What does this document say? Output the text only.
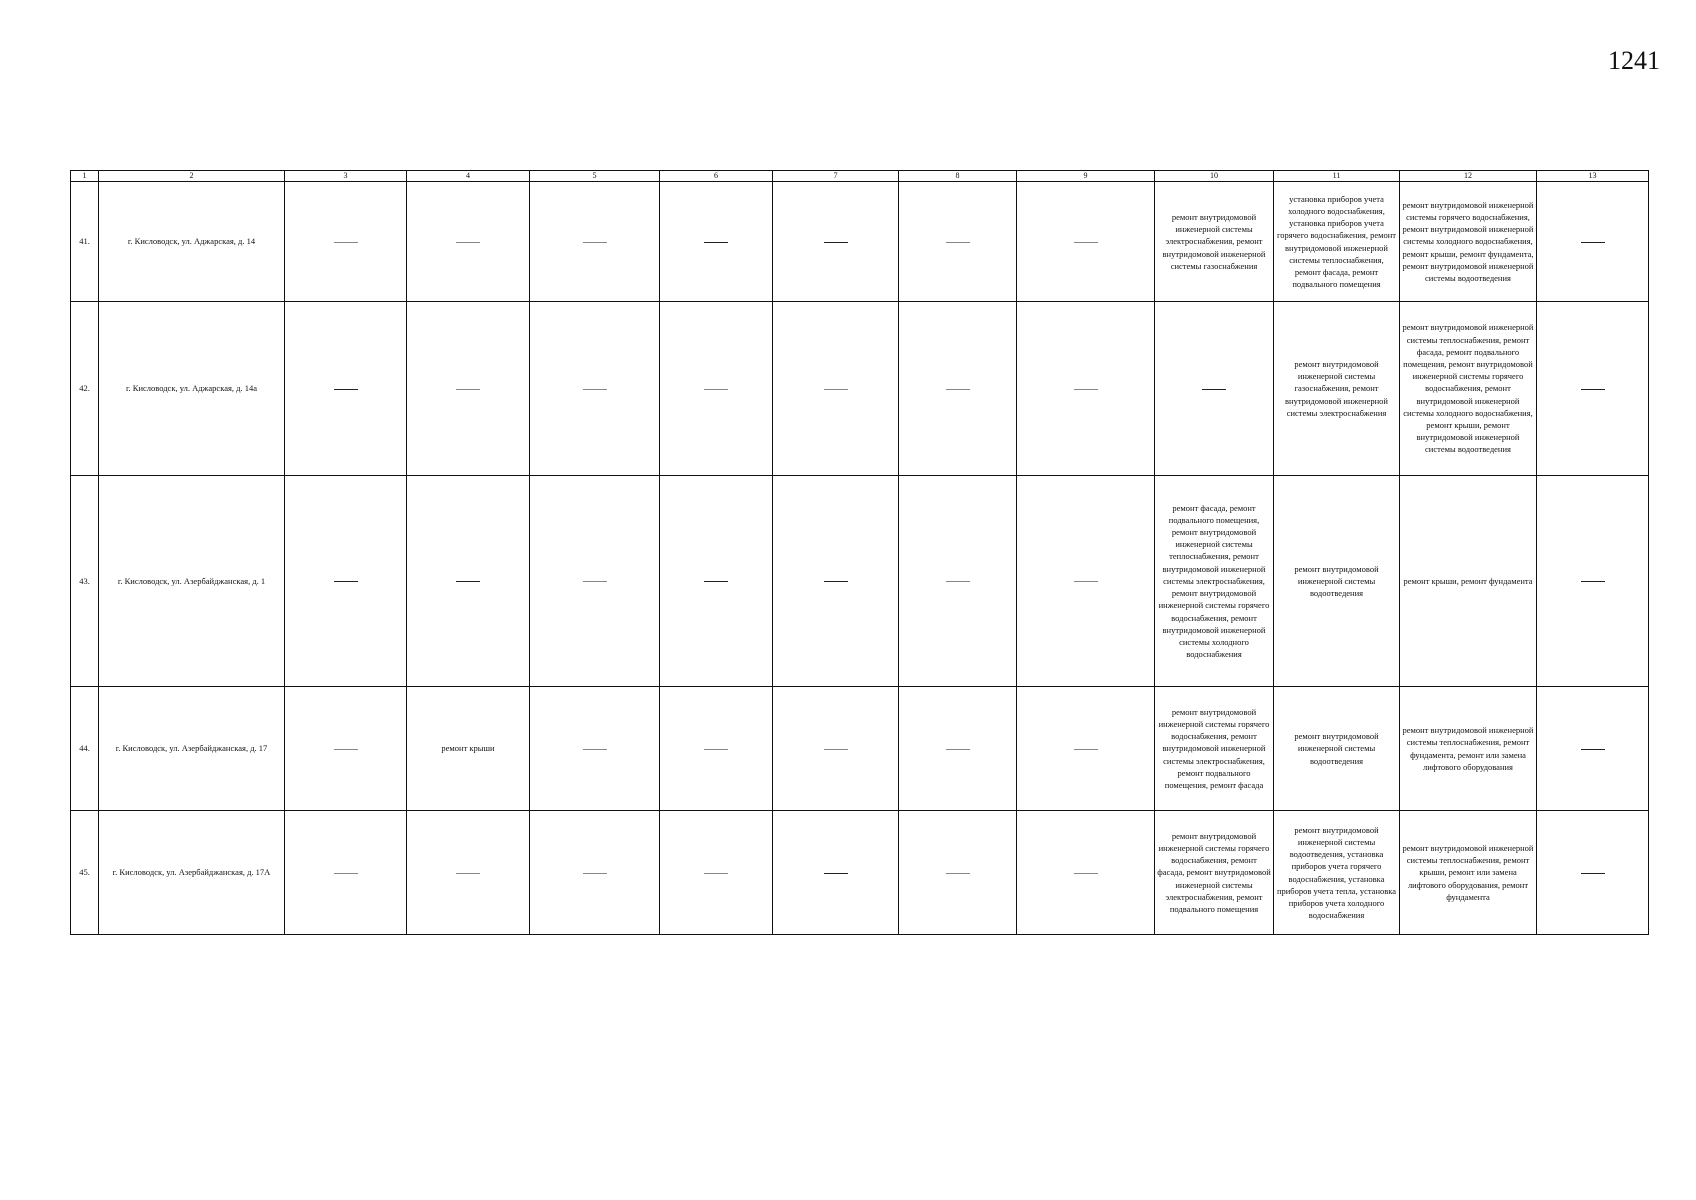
1241
1	2	3	4	5	6	7	8	9	10	11	12	13
41.	г. Кисловодск, ул. Аджарская, д. 14								ремонт внутридомовой инженерной системы электроснабжения, ремонт внутридомовой инженерной системы газоснабжения	установка приборов учета холодного водоснабжения, установка приборов учета горячего водоснабжения, ремонт внутридомовой инженерной системы теплоснабжения, ремонт фасада, ремонт подвального помещения	ремонт внутридомовой инженерной системы горячего водоснабжения, ремонт внутридомовой инженерной системы холодного водоснабжения, ремонт крыши, ремонт фундамента, ремонт внутридомовой инженерной системы водоотведения	
42.	г. Кисловодск, ул. Аджарская, д. 14а									ремонт внутридомовой инженерной системы газоснабжения, ремонт внутридомовой инженерной системы электроснабжения	ремонт внутридомовой инженерной системы теплоснабжения, ремонт фасада, ремонт подвального помещения, ремонт внутридомовой инженерной системы горячего водоснабжения, ремонт внутридомовой инженерной системы холодного водоснабжения, ремонт крыши, ремонт внутридомовой инженерной системы водоотведения	
43.	г. Кисловодск, ул. Азербайджанская, д. 1								ремонт фасада, ремонт подвального помещения, ремонт внутридомовой инженерной системы теплоснабжения, ремонт внутридомовой инженерной системы электроснабжения, ремонт внутридомовой инженерной системы горячего водоснабжения, ремонт внутридомовой инженерной системы холодного водоснабжения	ремонт внутридомовой инженерной системы водоотведения	ремонт крыши, ремонт фундамента	
44.	г. Кисловодск, ул. Азербайджанская, д. 17		ремонт крыши						ремонт внутридомовой инженерной системы горячего водоснабжения, ремонт внутридомовой инженерной системы электроснабжения, ремонт подвального помещения, ремонт фасада	ремонт внутридомовой инженерной системы водоотведения	ремонт внутридомовой инженерной системы теплоснабжения, ремонт фундамента, ремонт или замена лифтового оборудования	
45.	г. Кисловодск, ул. Азербайджанская, д. 17А								ремонт внутридомовой инженерной системы горячего водоснабжения, ремонт фасада, ремонт внутридомовой инженерной системы электроснабжения, ремонт подвального помещения	ремонт внутридомовой инженерной системы водоотведения, установка приборов учета горячего водоснабжения, установка приборов учета тепла, установка приборов учета холодного водоснабжения	ремонт внутридомовой инженерной системы теплоснабжения, ремонт крыши, ремонт или замена лифтового оборудования, ремонт фундамента	
